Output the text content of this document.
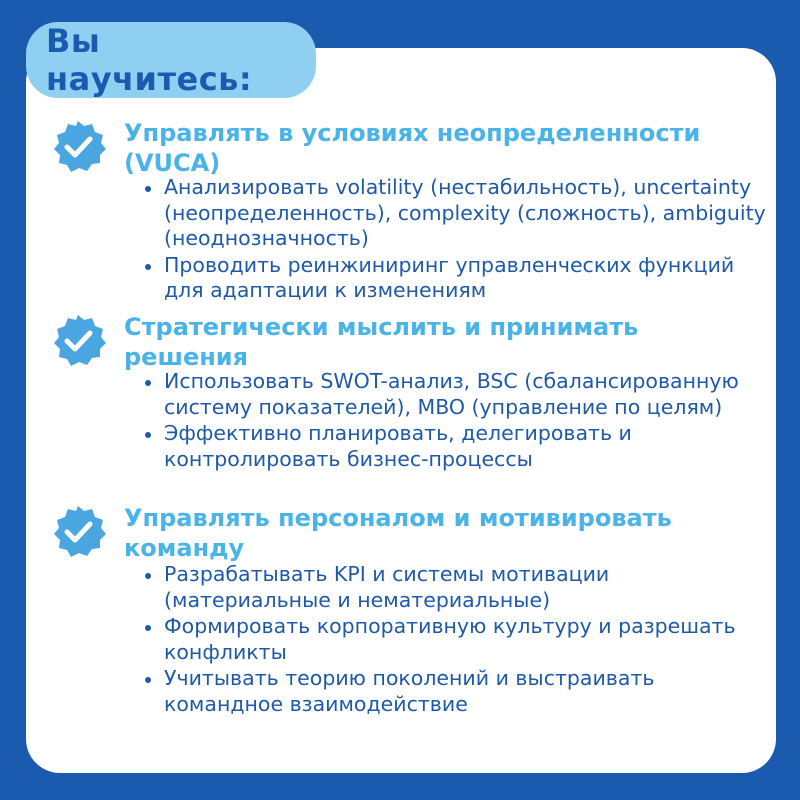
Вы научитесь:

Управлять в условиях неопределенности (VUCA)

Анализировать volatility (нестабильность), uncertainty (неопределенность), complexity (сложность), ambiguity (неоднозначность)
Проводить реинжиниринг управленческих функций для адаптации к изменениям

Стратегически мыслить и принимать решения

Использовать SWOT-анализ, BSC (сбалансированную систему показателей), MBO (управление по целям)
Эффективно планировать, делегировать и контролировать бизнес-процессы

Управлять персоналом и мотивировать команду

Разрабатывать KPI и системы мотивации (материальные и нематериальные)
Формировать корпоративную культуру и разрешать конфликты
Учитывать теорию поколений и выстраивать командное взаимодействие
